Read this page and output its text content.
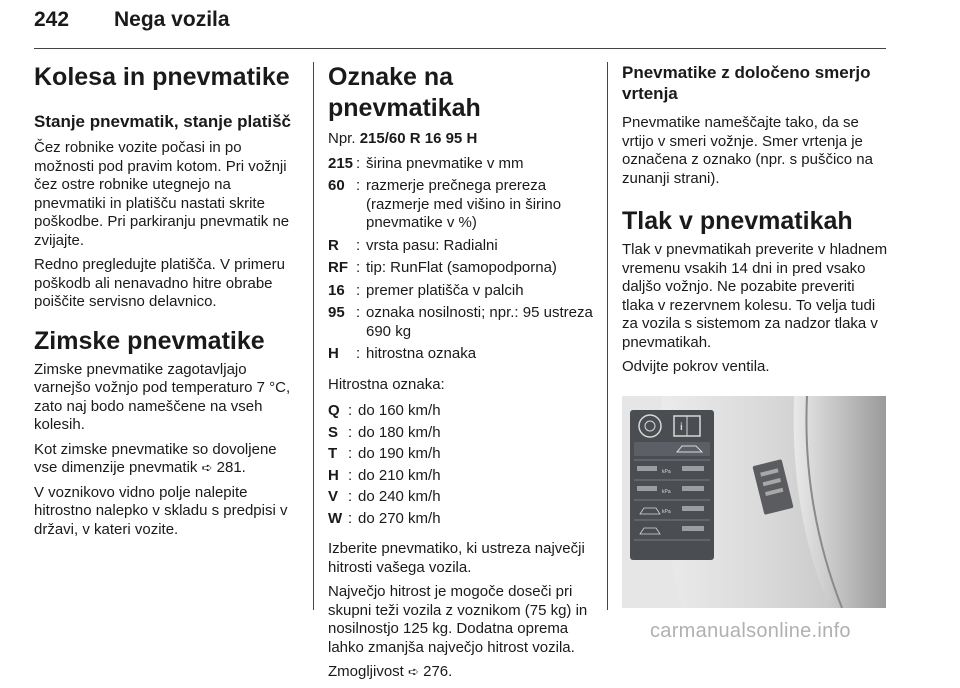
242 Nega vozila
Kolesa in pnevmatike
Stanje pnevmatik, stanje platišč

Čez robnike vozite počasi in po možnosti pod pravim kotom. Pri vožnji čez ostre robnike utegnejo na pnevmatiki in platišču nastati skrite poškodbe. Pri parkiranju pnevmatik ne zvijajte.

Redno pregledujte platišča. V primeru poškodb ali nenavadno hitre obrabe poiščite servisno delavnico.

Zimske pnevmatike

Zimske pnevmatike zagotavljajo varnejšo vožnjo pod temperaturo 7 °C, zato naj bodo nameščene na vseh kolesih.

Kot zimske pnevmatike so dovoljene vse dimenzije pnevmatik ➪ 281.

V voznikovo vidno polje nalepite hitrostno nalepko v skladu s predpisi v državi, v kateri vozite.

Oznake na pnevmatikah
Npr. 215/60 R 16 95 H
215 : širina pnevmatike v mm
60 : razmerje prečnega prereza (razmerje med višino in širino pnevmatike v %)
R	: vrsta pasu: Radialni
RF : tip: RunFlat (samopodporna)
16 : premer platišča v palcih
95 : oznaka nosilnosti; npr.: 95 ustreza 690 kg
H	: hitrostna oznaka

Hitrostna oznaka:

Q : do 160 km/h
S : do 180 km/h
T : do 190 km/h
H : do 210 km/h
V : do 240 km/h
W : do 270 km/h

Izberite pnevmatiko, ki ustreza največji hitrosti vašega vozila.

Največjo hitrost je mogoče doseči pri skupni teži vozila z voznikom (75 kg) in nosilnostjo 125 kg. Dodatna oprema lahko zmanjša največjo hitrost vozila.

Zmogljivost ➪ 276.

Pnevmatike z določeno smerjo vrtenja

Pnevmatike nameščajte tako, da se vrtijo v smeri vožnje. Smer vrtenja je označena z oznako (npr. s puščico na zunanji strani).

Tlak v pnevmatikah

Tlak v pnevmatikah preverite v hladnem vremenu vsakih 14 dni in pred vsako daljšo vožnjo. Ne pozabite preveriti tlaka v rezervnem kolesu. To velja tudi za vozila s sistemom za nadzor tlaka v pnevmatikah.

Odvijte pokrov ventila.

i
kPa
kPa
kPa
carmanualsonline.info
